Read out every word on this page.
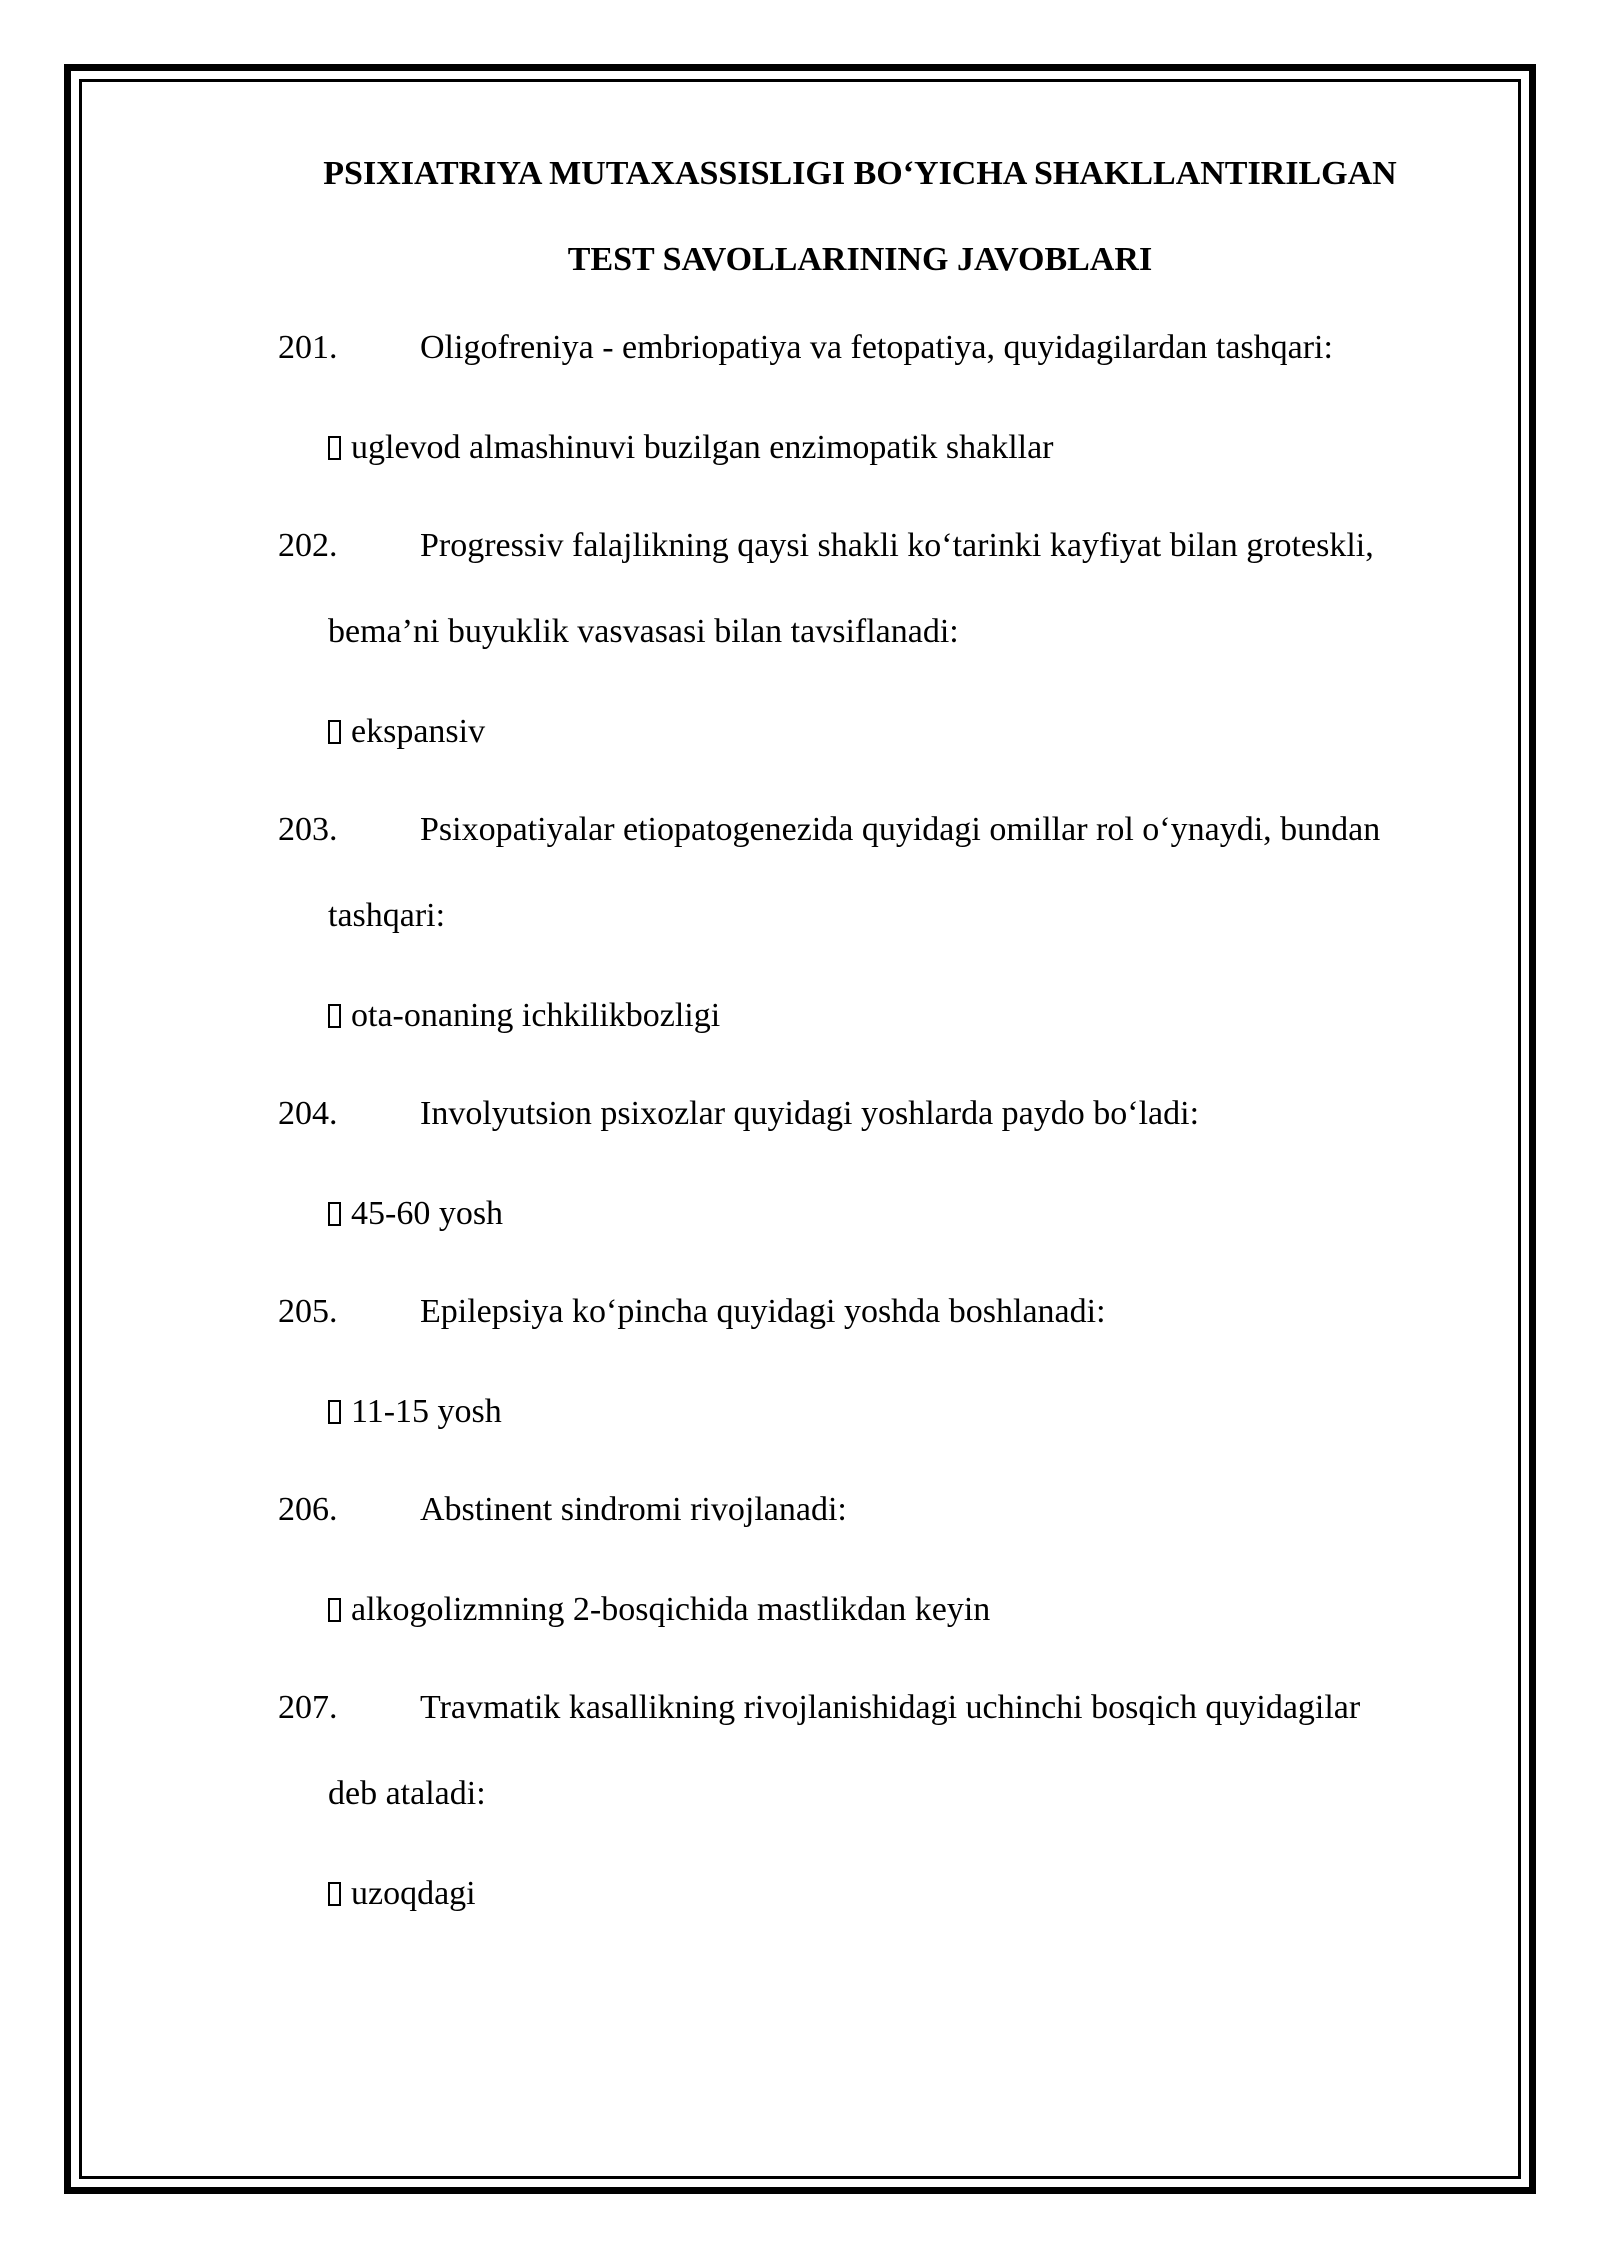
PSIXIATRIYA MUTAXASSISLIGI BO‘YICHA SHAKLLANTIRILGAN
TEST SAVOLLARINING JAVOBLARI
201. Oligofreniya - embriopatiya va fetopatiya, quyidagilardan tashqari:
uglevod almashinuvi buzilgan enzimopatik shakllar
202. Progressiv falajlikning qaysi shakli ko‘tarinki kayfiyat bilan groteskli,
bema’ni buyuklik vasvasasi bilan tavsiflanadi:
ekspansiv
203. Psixopatiyalar etiopatogenezida quyidagi omillar rol o‘ynaydi, bundan
tashqari:
ota-onaning ichkilikbozligi
204. Involyutsion psixozlar quyidagi yoshlarda paydo bo‘ladi:
45-60 yosh
205. Epilepsiya ko‘pincha quyidagi yoshda boshlanadi:
11-15 yosh
206. Abstinent sindromi rivojlanadi:
alkogolizmning 2-bosqichida mastlikdan keyin
207. Travmatik kasallikning rivojlanishidagi uchinchi bosqich quyidagilar
deb ataladi:
uzoqdagi
